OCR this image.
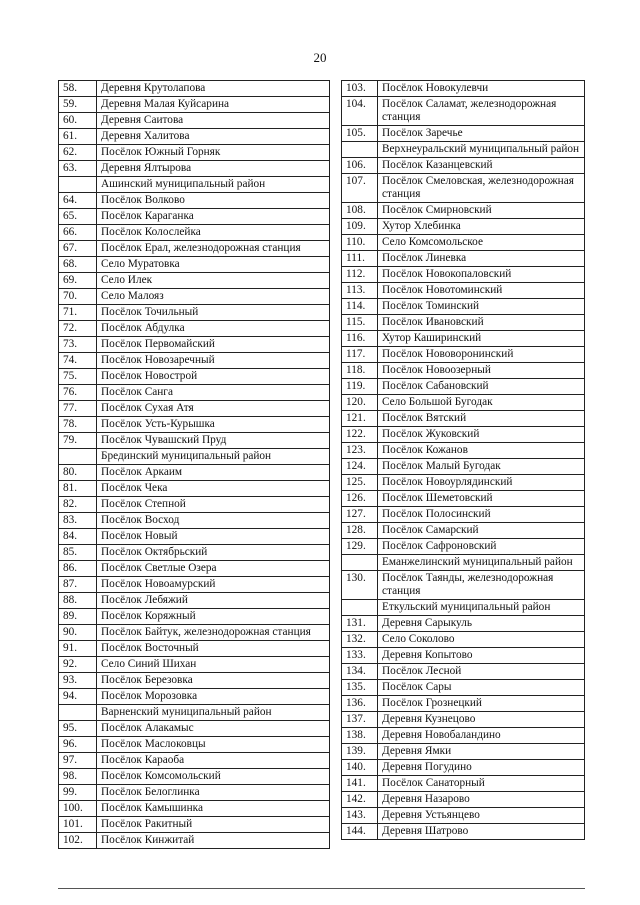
20
58.	Деревня Крутолапова
59.	Деревня Малая Куйсарина
60.	Деревня Саитова
61.	Деревня Халитова
62.	Посёлок Южный Горняк
63.	Деревня Ялтырова
	Ашинский муниципальный район
64.	Посёлок Волково
65.	Посёлок Караганка
66.	Посёлок Колослейка
67.	Посёлок Ерал, железнодорожная станция
68.	Село Муратовка
69.	Село Илек
70.	Село Малояз
71.	Посёлок Точильный
72.	Посёлок Абдулка
73.	Посёлок Первомайский
74.	Посёлок Новозаречный
75.	Посёлок Новострой
76.	Посёлок Санга
77.	Посёлок Сухая Атя
78.	Посёлок Усть-Курышка
79.	Посёлок Чувашский Пруд
	Брединский муниципальный район
80.	Посёлок Аркаим
81.	Посёлок Чека
82.	Посёлок Степной
83.	Посёлок Восход
84.	Посёлок Новый
85.	Посёлок Октябрьский
86.	Посёлок Светлые Озера
87.	Посёлок Новоамурский
88.	Посёлок Лебяжий
89.	Посёлок Коряжный
90.	Посёлок Байтук, железнодорожная станция
91.	Посёлок Восточный
92.	Село Синий Шихан
93.	Посёлок Березовка
94.	Посёлок Морозовка
	Варненский муниципальный район
95.	Посёлок Алакамыс
96.	Посёлок Маслоковцы
97.	Посёлок Караоба
98.	Посёлок Комсомольский
99.	Посёлок Белоглинка
100.	Посёлок Камышинка
101.	Посёлок Ракитный
102.	Посёлок Кинжитай
103.	Посёлок Новокулевчи
104.	Посёлок Саламат, железнодорожная станция
105.	Посёлок Заречье
	Верхнеуральский муниципальный район
106.	Посёлок Казанцевский
107.	Посёлок Смеловская, железнодорожная станция
108.	Посёлок Смирновский
109.	Хутор Хлебинка
110.	Село Комсомольское
111.	Посёлок Линевка
112.	Посёлок Новокопаловский
113.	Посёлок Новотоминский
114.	Посёлок Томинский
115.	Посёлок Ивановский
116.	Хутор Каширинский
117.	Посёлок Нововоронинский
118.	Посёлок Новоозерный
119.	Посёлок Сабановский
120.	Село Большой Бугодак
121.	Посёлок Вятский
122.	Посёлок Жуковский
123.	Посёлок Кожанов
124.	Посёлок Малый Бугодак
125.	Посёлок Новоурлядинский
126.	Посёлок Шеметовский
127.	Посёлок Полосинский
128.	Посёлок Самарский
129.	Посёлок Сафроновский
	Еманжелинский муниципальный район
130.	Посёлок Таянды, железнодорожная станция
	Еткульский муниципальный район
131.	Деревня Сарыкуль
132.	Село Соколово
133.	Деревня Копытово
134.	Посёлок Лесной
135.	Посёлок Сары
136.	Посёлок Грознецкий
137.	Деревня Кузнецово
138.	Деревня Новобаландино
139.	Деревня Ямки
140.	Деревня Погудино
141.	Посёлок Санаторный
142.	Деревня Назарово
143.	Деревня Устьянцево
144.	Деревня Шатрово
